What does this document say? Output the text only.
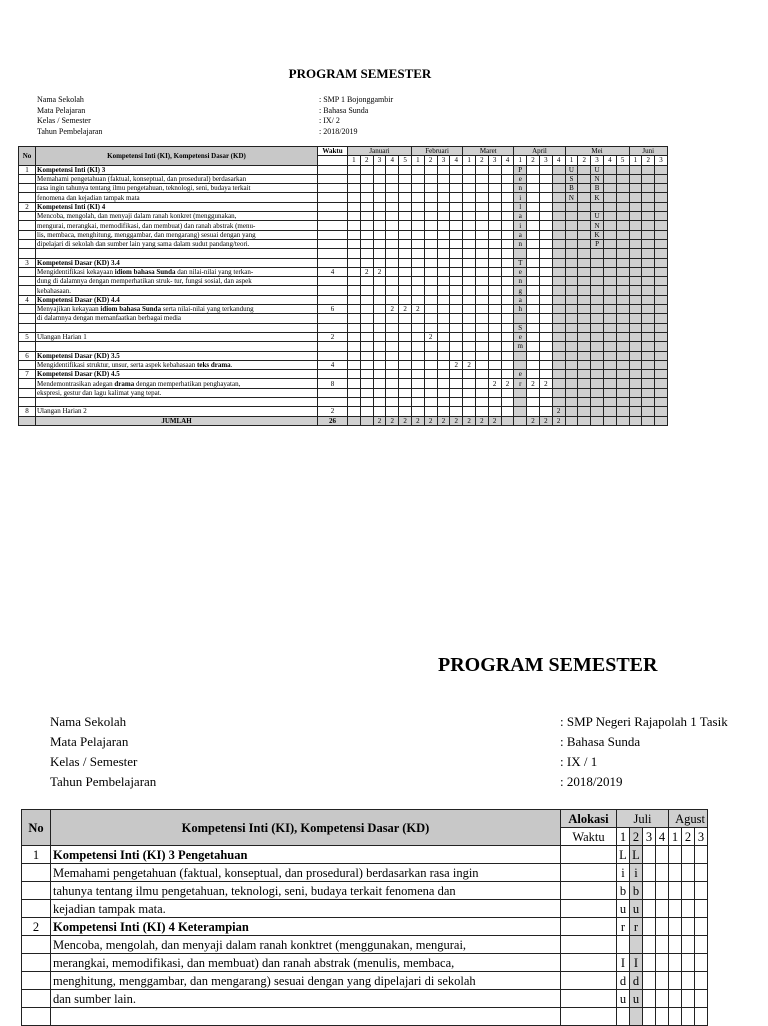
PROGRAM SEMESTER
Nama Sekolah	: SMP 1 Bojonggambir
Mata Pelajaran	: Bahasa Sunda
Kelas / Semester	: IX/ 2
Tahun Pembelajaran	: 2018/2019
No	Kompetensi Inti (KI), Kompetensi Dasar (KD)	Waktu	Januari					Februari				Maret				April				Mei					Juni		
			1	2	3	4	5	1	2	3	4	1	2	3	4	1	2	3	4	1	2	3	4	5	1	2	3
1	Kompetensi Inti (KI) 3															P				U		U					
	Memahami pengetahuan (faktual, konseptual, dan prosedural) berdasarkan															e				S		N					
	rasa ingin tahunya tentang ilmu pengetahuan, teknologi, seni, budaya terkait															n				B		B					
	fenomena dan kejadian tampak mata															i				N		K					
2	Kompetensi Inti (KI) 4															l											
	Mencoba, mengolah, dan menyaji dalam ranah konkret (menggunakan,															a						U					
	mengurai, merangkai, memodifikasi, dan membuat) dan ranah abstrak (menu-															i						N					
	lis, membaca, menghitung, menggambar, dan mengarang) sesuai dengan yang															a						K					
	dipelajari di sekolah dan sumber lain yang sama dalam sudut pandang/teori.															n						P					

3	Kompetensi Dasar (KD) 3.4															T											
	Mengidentifikasi kekayaan idiom bahasa Sunda dan nilai-nilai yang terkan-	4		2	2											e											
	dung di dalamnya dengan memperhatikan struk- tur, fungsi sosial, dan aspek															n											
	kebahasaan.															g											
4	Kompetensi Dasar (KD) 4.4															a											
	Menyajikan kekayaan idiom bahasa Sunda serta nilai-nilai yang terkandung	6				2	2	2								h											
	di dalamnya dengan memanfaatkan berbagai media																										
																S											
5	Ulangan Harian 1	2							2							e											
																m											
6	Kompetensi Dasar (KD) 3.5																										
	Mengidentifikasi struktur, unsur, serta aspek kebahasaan teks drama.	4									2	2															
7	Kompetensi Dasar (KD) 4.5															e											
	Mendemontrasikan adegan drama dengan memperhatikan penghayatan,	8												2	2	r	2	2									
	ekspresi, gestur dan lagu kalimat yang tepat.																										

8	Ulangan Harian 2	2																	2								
	JUMLAH	26			2	2	2	2	2	2	2	2	2	2			2	2	2								
PROGRAM SEMESTER
Nama Sekolah	: SMP Negeri Rajapolah 1 Tasik
Mata Pelajaran	: Bahasa Sunda
Kelas / Semester	: IX / 1
Tahun Pembelajaran	: 2018/2019
No	Kompetensi Inti (KI), Kompetensi Dasar (KD)	Alokasi	Juli				Agust		
		Waktu	1	2	3	4	1	2	3
1	Kompetensi Inti (KI) 3 Pengetahuan		L	L					
	Memahami pengetahuan (faktual, konseptual, dan prosedural) berdasarkan rasa ingin		i	i					
	tahunya tentang ilmu pengetahuan, teknologi, seni, budaya terkait fenomena dan		b	b					
	kejadian tampak mata.		u	u					
2	Kompetensi Inti (KI) 4 Keterampian		r	r					
	Mencoba, mengolah, dan menyaji dalam ranah konktret (menggunakan, mengurai,								
	merangkai, memodifikasi, dan membuat) dan ranah abstrak (menulis, membaca,		I	I					
	menghitung, menggambar, dan mengarang) sesuai dengan yang dipelajari di sekolah		d	d					
	dan sumber lain.		u	u					
